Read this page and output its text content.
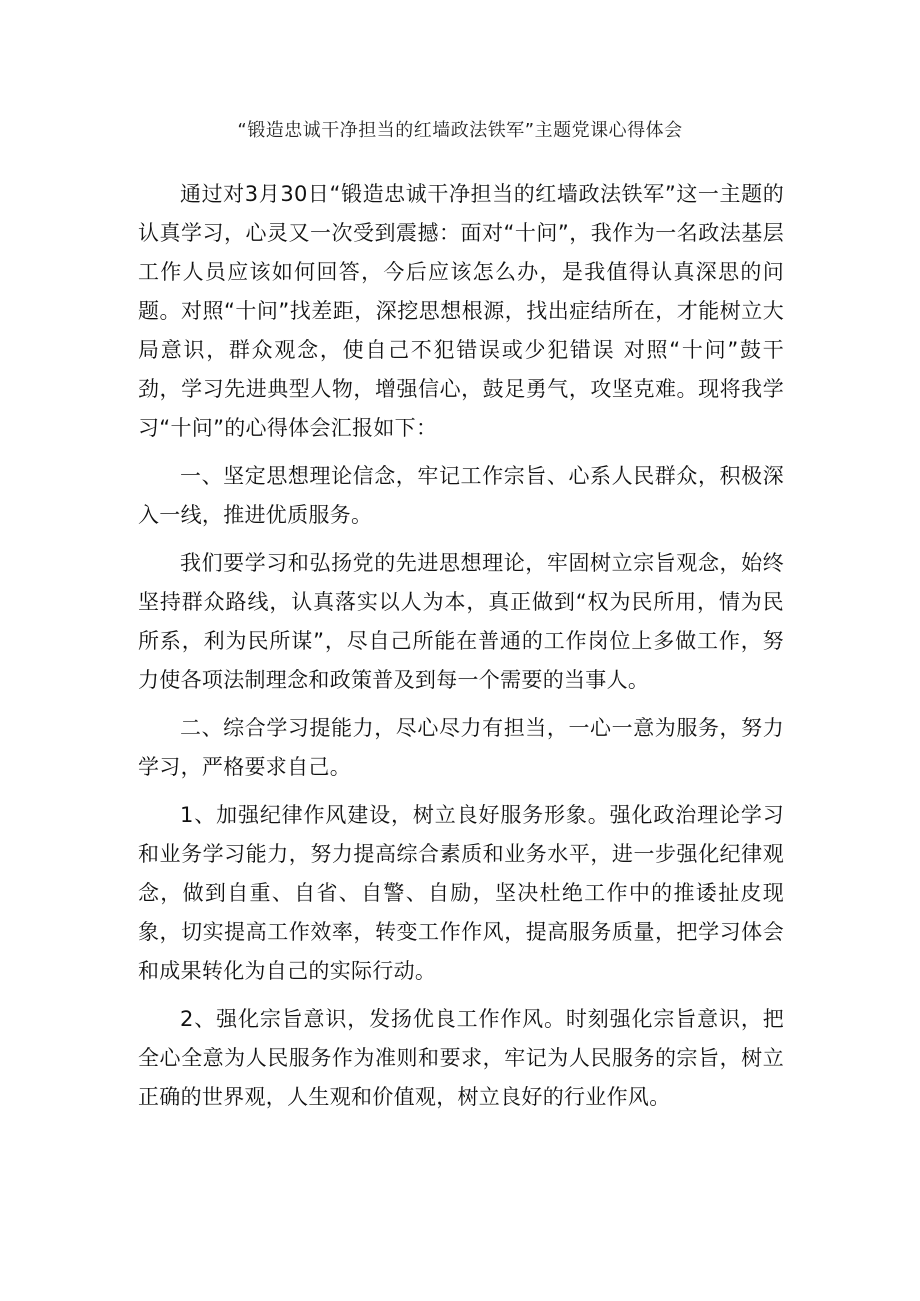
“锻造忠诚干净担当的红墙政法铁军”主题党课心得体会

通过对3月30日“锻造忠诚干净担当的红墙政法铁军”这一主题的认真学习，心灵又一次受到震撼：面对“十问”，我作为一名政法基层工作人员应该如何回答，今后应该怎么办，是我值得认真深思的问题。对照“十问”找差距，深挖思想根源，找出症结所在，才能树立大局意识，群众观念，使自己不犯错误或少犯错误 对照“十问”鼓干劲，学习先进典型人物，增强信心，鼓足勇气，攻坚克难。现将我学习“十问”的心得体会汇报如下：

一、坚定思想理论信念，牢记工作宗旨、心系人民群众，积极深入一线，推进优质服务。

我们要学习和弘扬党的先进思想理论，牢固树立宗旨观念，始终坚持群众路线，认真落实以人为本，真正做到“权为民所用，情为民所系，利为民所谋”，尽自己所能在普通的工作岗位上多做工作，努力使各项法制理念和政策普及到每一个需要的当事人。

二、综合学习提能力，尽心尽力有担当，一心一意为服务，努力学习，严格要求自己。

1、加强纪律作风建设，树立良好服务形象。强化政治理论学习和业务学习能力，努力提高综合素质和业务水平，进一步强化纪律观念，做到自重、自省、自警、自励，坚决杜绝工作中的推诿扯皮现象，切实提高工作效率，转变工作作风，提高服务质量，把学习体会和成果转化为自己的实际行动。

2、强化宗旨意识，发扬优良工作作风。时刻强化宗旨意识，把全心全意为人民服务作为准则和要求，牢记为人民服务的宗旨，树立正确的世界观，人生观和价值观，树立良好的行业作风。
